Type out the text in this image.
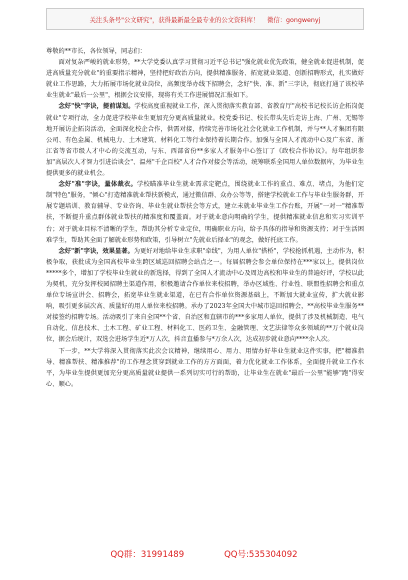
关注头条号"公文研究"，获得最新最全最专业的公文资料库！ 微信：gongwenyj

尊敬的**市长，各位领导，同志们：

面对复杂严峻的就业形势，**大学党委认真学习贯彻习近平总书记"强化就业优先政策，健全就业促进机制，促进高质量充分就业"的重要指示精神，坚持把好政治方向，提供精准服务、拓宽就业渠道、创新招聘形式，扎实做好就业工作思路，大力拓展市场化就业岗位，高频度举办线下招聘会，念好"快、准、新"三字诀，彻底打通了该校毕业生就业"最后一公里"，根据会议安排，现将有关工作进展情况汇报如下。

念好"快"字诀，提前谋划。学校高度重视就业工作，深入贯彻落实教育部、省教育厅"高校书记校长访企拓岗促就业"专项行动，全力促进学校毕业生更加充分更高质量就业。校党委书记、校长带头先后走访上海、广州、无锡等地开展访企拓岗活动，全面深化校企合作，供需对接，持续完善市场化社会化就业工作机制，并与**人才集团有限公司、有色金属、机械电力、土木建筑、材料化工等行业保持着长期合作。加强与全国人才流动中心及广东省、浙江省等省市级人才中心的交流互动，与东、西部省份**多家人才服务中心签订了《政校合作协议》。每年组织参加"高层次人才智力引进洽谈会"、温州"千企百校"人才合作对接会等活动，统筹联系全国用人单位数据库，为毕业生提供更多的就业机会。

念好"准"字诀，量体裁衣。学校瞄准毕业生就业需求定靶点，围绕就业工作的重点、难点、堵点，为他们定制"特色"服务，"倾心"打造精准就业帮扶新模式，通过微信群、众办公等等，搭建学校就业工作与毕业生服务群，开展专题培训、教育辅导、专业咨询、毕业生就业帮扶会等方式，建立未就业毕业生工作台账，开展"一对一"精准帮扶，不断提升重点群体就业帮扶的精准度和覆盖面。对于就业意向明确的学生，提供精准就业信息和实习实训平台；对于就业目标不清晰的学生，帮助其分析专业定位，明确职业方向，给予具体的指导和资源支持；对于生活困难学生，帮助其全面了解就业形势和政策，引导树立"先就业后择业"的观念，做好托底工作。

念好"新"字诀，效果显著。为更好对地给毕业生求职"牵线"，为用人单位"搭桥"，学校抢抓机遇，主动作为，积极争取，获批成为全国高校毕业生跨区域巡回招聘会站点之一。每届招聘会参会单位保持在***家以上，提供岗位*****多个，增加了学校毕业生就业的新选择，得到了全国人才流动中心及周边高校和毕业生的普遍好评，学校以此为契机，充分发挥校园招聘主渠道作用，积极邀请合作单位来校招聘，举办区域性、行业性、联盟性招聘会和重点单位专场宣讲会、招聘会，拓宽毕业生就业渠道，在已有合作单位资源基础上，不断加大就业宣传，扩大就业影响，吸引更多层次高、质量好的用人单位来校招聘。承办了2023年全国大中城市巡回招聘会，**高校毕业生服务**对接签约招聘专场。活动吸引了来自全国**个省、自治区和直辖市的***多家用人单位，提供了涉及机械制造、电气自动化、信息技术、土木工程、矿业工程、材料化工、医药卫生、金融管理、文艺法律等众多领域的**万个就业岗位，据会后统计，双选会进场学生近*万人次，抖音直播参与*万余人次，达成初步就业意向****余人次。

下一步，**大学将深入贯彻落实此次会议精神，继续用心、用力、用情办好毕业生就业这件实事，把"精准指导、精准帮扶、精准推荐"的工作理念贯穿到就业工作的方方面面，着力优化就业工作体系，全面提升就业工作水平，为毕业生提供更加充分更高质量就业提供一系列切实可行的帮助，让毕业生在就业"最后一公里"能够"跑"得安心、顺心。

QQ群：31991489	QQ号:535304092
